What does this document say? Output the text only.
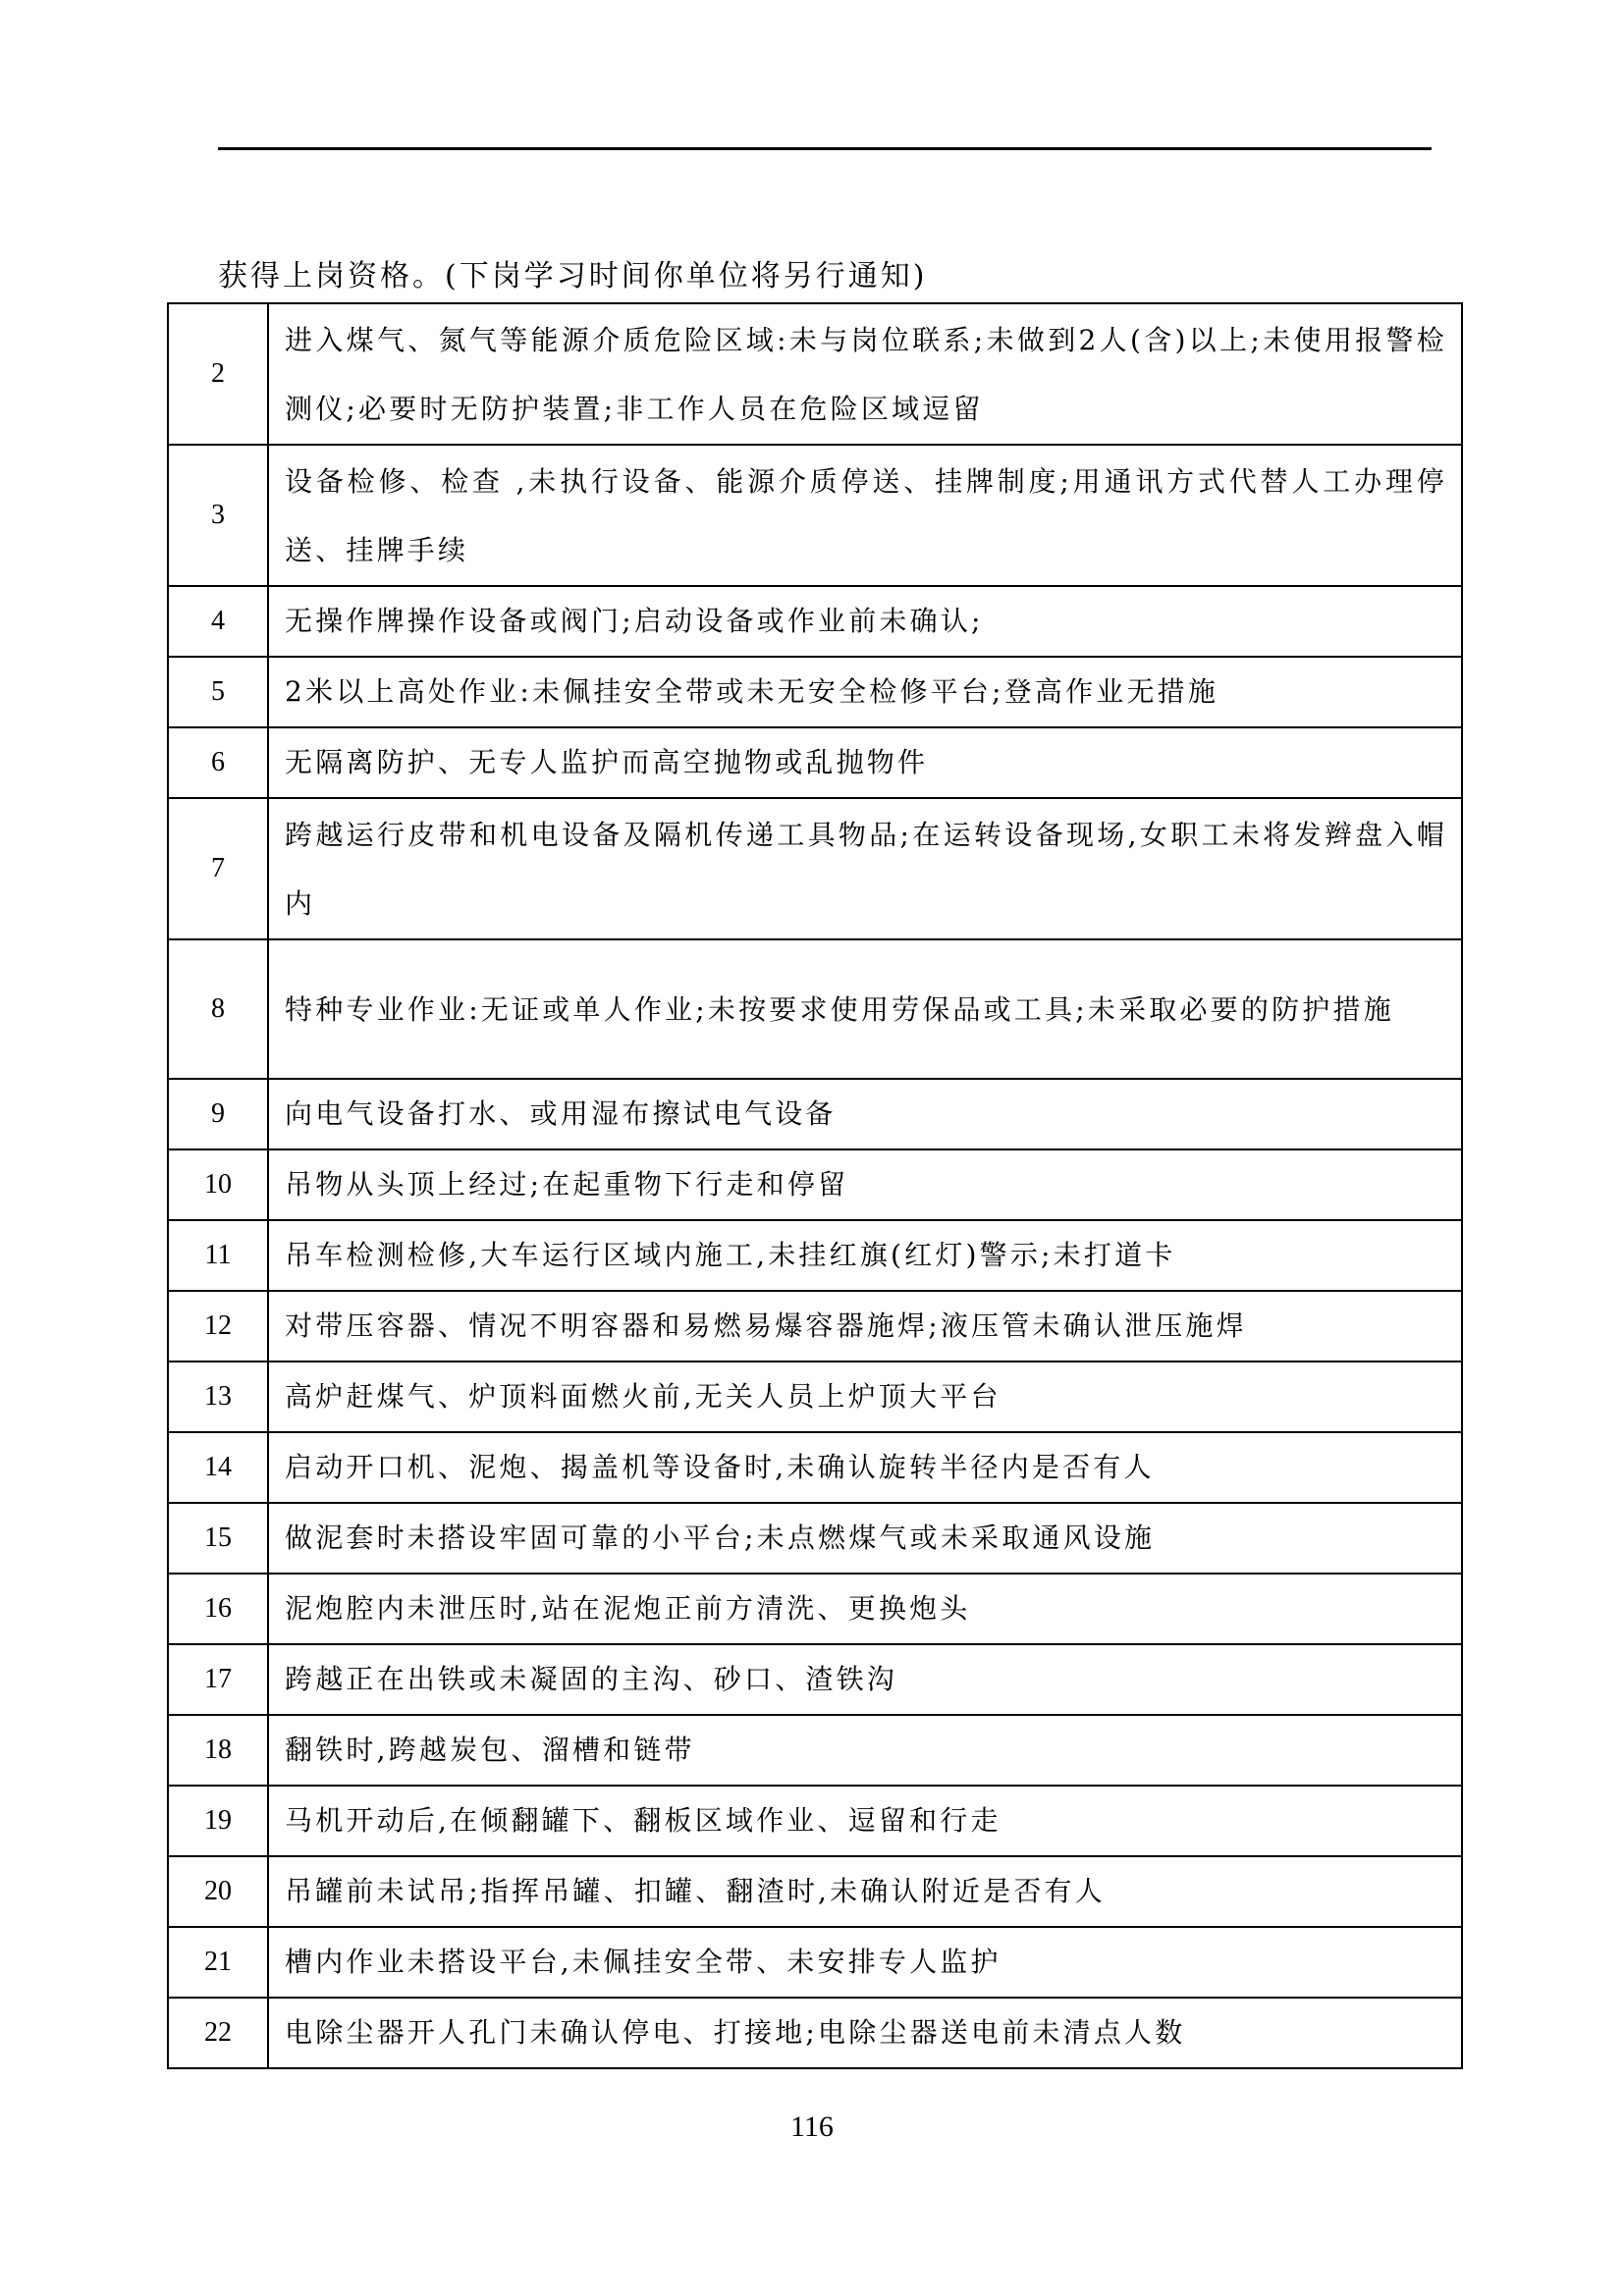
获得上岗资格。(下岗学习时间你单位将另行通知)
2	进入煤气、氮气等能源介质危险区域:未与岗位联系;未做到2人(含)以上;未使用报警检测仪;必要时无防护装置;非工作人员在危险区域逗留
3	设备检修、检查 ,未执行设备、能源介质停送、挂牌制度;用通讯方式代替人工办理停送、挂牌手续
4	无操作牌操作设备或阀门;启动设备或作业前未确认;
5	2米以上高处作业:未佩挂安全带或未无安全检修平台;登高作业无措施
6	无隔离防护、无专人监护而高空抛物或乱抛物件
7	跨越运行皮带和机电设备及隔机传递工具物品;在运转设备现场,女职工未将发辫盘入帽内
8	特种专业作业:无证或单人作业;未按要求使用劳保品或工具;未采取必要的防护措施
9	向电气设备打水、或用湿布擦试电气设备
10	吊物从头顶上经过;在起重物下行走和停留
11	吊车检测检修,大车运行区域内施工,未挂红旗(红灯)警示;未打道卡
12	对带压容器、情况不明容器和易燃易爆容器施焊;液压管未确认泄压施焊
13	高炉赶煤气、炉顶料面燃火前,无关人员上炉顶大平台
14	启动开口机、泥炮、揭盖机等设备时,未确认旋转半径内是否有人
15	做泥套时未搭设牢固可靠的小平台;未点燃煤气或未采取通风设施
16	泥炮腔内未泄压时,站在泥炮正前方清洗、更换炮头
17	跨越正在出铁或未凝固的主沟、砂口、渣铁沟
18	翻铁时,跨越炭包、溜槽和链带
19	马机开动后,在倾翻罐下、翻板区域作业、逗留和行走
20	吊罐前未试吊;指挥吊罐、扣罐、翻渣时,未确认附近是否有人
21	槽内作业未搭设平台,未佩挂安全带、未安排专人监护
22	电除尘器开人孔门未确认停电、打接地;电除尘器送电前未清点人数
116
